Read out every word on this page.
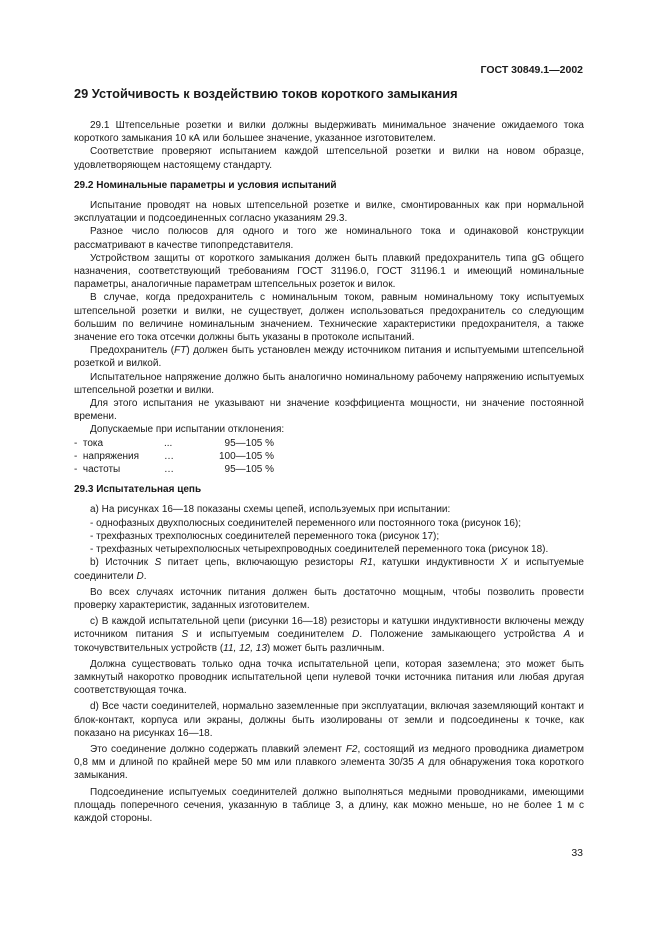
ГОСТ 30849.1—2002
29 Устойчивость к воздействию токов короткого замыкания

29.1 Штепсельные розетки и вилки должны выдерживать минимальное значение ожидаемого тока короткого замыкания 10 кА или большее значение, указанное изготовителем.

Соответствие проверяют испытанием каждой штепсельной розетки и вилки на новом образце, удовлетворяющем настоящему стандарту.

29.2 Номинальные параметры и условия испытаний

Испытание проводят на новых штепсельной розетке и вилке, смонтированных как при нормальной эксплуатации и подсоединенных согласно указаниям 29.3.

Разное число полюсов для одного и того же номинального тока и одинаковой конструкции рассматривают в качестве типопредставителя.

Устройством защиты от короткого замыкания должен быть плавкий предохранитель типа gG общего назначения, соответствующий требованиям ГОСТ 31196.0, ГОСТ 31196.1 и имеющий номинальные параметры, аналогичные параметрам штепсельных розеток и вилок.

В случае, когда предохранитель с номинальным током, равным номинальному току испытуемых штепсельной розетки и вилки, не существует, должен использоваться предохранитель со следующим большим по величине номинальным значением. Технические характеристики предохранителя, а также значение его тока отсечки должны быть указаны в протоколе испытаний.

Предохранитель (FT) должен быть установлен между источником питания и испытуемыми штепсельной розеткой и вилкой.

Испытательное напряжение должно быть аналогично номинальному рабочему напряжению испытуемых штепсельной розетки и вилки.

Для этого испытания не указывают ни значение коэффициента мощности, ни значение постоянной времени.

Допускаемые при испытании отклонения:

-  тока	...	95—105 %
-  напряжения	…	100—105 %
-  частоты	…	95—105 %
29.3 Испытательная цепь

а) На рисунках 16—18 показаны схемы цепей, используемых при испытании:

- однофазных двухполюсных соединителей переменного или постоянного тока (рисунок 16);

- трехфазных трехполюсных соединителей переменного тока (рисунок 17);

- трехфазных четырехполюсных четырехпроводных соединителей переменного тока (рисунок 18).

b) Источник S питает цепь, включающую резисторы R1, катушки индуктивности X и испытуемые соединители D.

Во всех случаях источник питания должен быть достаточно мощным, чтобы позволить провести проверку характеристик, заданных изготовителем.

с) В каждой испытательной цепи (рисунки 16—18) резисторы и катушки индуктивности включены между источником питания S и испытуемым соединителем D. Положение замыкающего устройства А и токочувствительных устройств (11, 12, 13) может быть различным.

Должна существовать только одна точка испытательной цепи, которая заземлена; это может быть замкнутый накоротко проводник испытательной цепи нулевой точки источника питания или любая другая соответствующая точка.

d) Все части соединителей, нормально заземленные при эксплуатации, включая заземляющий контакт и блок-контакт, корпуса или экраны, должны быть изолированы от земли и подсоединены к точке, как показано на рисунках 16—18.

Это соединение должно содержать плавкий элемент F2, состоящий из медного проводника диаметром 0,8 мм и длиной по крайней мере 50 мм или плавкого элемента 30/35 А для обнаружения тока короткого замыкания.

Подсоединение испытуемых соединителей должно выполняться медными проводниками, имеющими площадь поперечного сечения, указанную в таблице 3, а длину, как можно меньше, но не более 1 м с каждой стороны.

33
